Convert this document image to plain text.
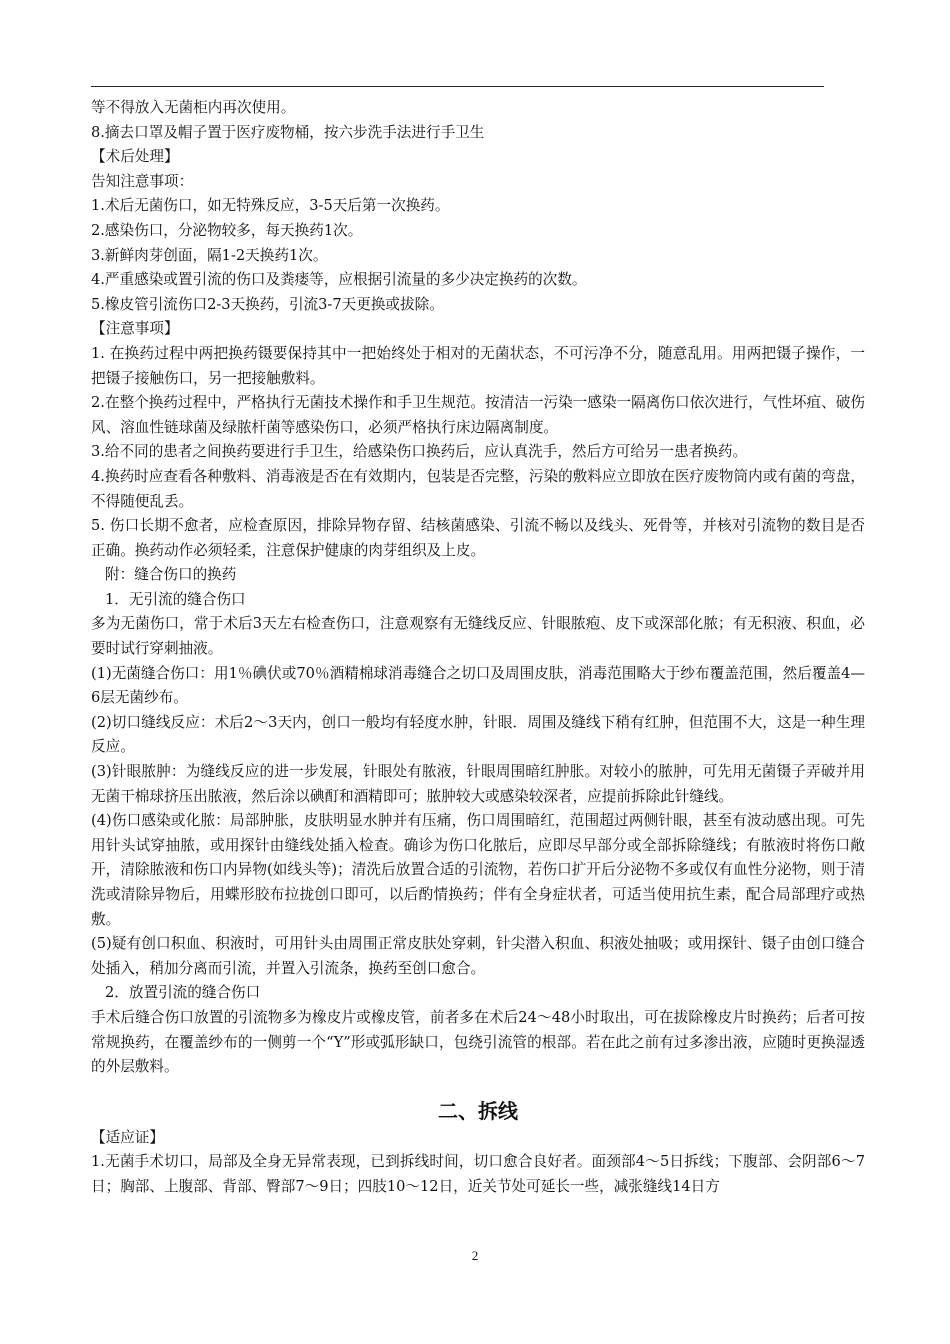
等不得放入无菌柜内再次使用。

8.摘去口罩及帽子置于医疗废物桶，按六步洗手法进行手卫生

【术后处理】

告知注意事项：

1.术后无菌伤口，如无特殊反应，3-5天后第一次换药。

2.感染伤口，分泌物较多，每天换药1次。

3.新鲜肉芽创面，隔1-2天换药1次。

4.严重感染或置引流的伤口及粪瘘等，应根据引流量的多少决定换药的次数。

5.橡皮管引流伤口2-3天换药，引流3-7天更换或拔除。

【注意事项】

1. 在换药过程中两把换药镊要保持其中一把始终处于相对的无菌状态，不可污净不分，随意乱用。用两把镊子操作，一把镊子接触伤口，另一把接触敷料。

2.在整个换药过程中，严格执行无菌技术操作和手卫生规范。按清洁一污染一感染一隔离伤口依次进行，气性坏疽、破伤风、溶血性链球菌及绿脓杆菌等感染伤口，必须严格执行床边隔离制度。

3.给不同的患者之间换药要进行手卫生，给感染伤口换药后，应认真洗手，然后方可给另一患者换药。

4.换药时应查看各种敷料、消毒液是否在有效期内，包装是否完整，污染的敷料应立即放在医疗废物筒内或有菌的弯盘，不得随便乱丢。

5. 伤口长期不愈者，应检查原因，排除异物存留、结核菌感染、引流不畅以及线头、死骨等，并核对引流物的数目是否正确。换药动作必须轻柔，注意保护健康的肉芽组织及上皮。

附：缝合伤口的换药

1．无引流的缝合伤口

多为无菌伤口，常于术后3天左右检查伤口，注意观察有无缝线反应、针眼脓疱、皮下或深部化脓；有无积液、积血，必要时试行穿刺抽液。

(1)无菌缝合伤口：用1％碘伏或70％酒精棉球消毒缝合之切口及周围皮肤，消毒范围略大于纱布覆盖范围，然后覆盖4—6层无菌纱布。

(2)切口缝线反应：术后2～3天内，创口一般均有轻度水肿，针眼．周围及缝线下稍有红肿，但范围不大，这是一种生理反应。

(3)针眼脓肿：为缝线反应的进一步发展，针眼处有脓液，针眼周围暗红肿胀。对较小的脓肿，可先用无菌镊子弄破并用无菌干棉球挤压出脓液，然后涂以碘酊和酒精即可；脓肿较大或感染较深者，应提前拆除此针缝线。

(4)伤口感染或化脓：局部肿胀，皮肤明显水肿并有压痛，伤口周围暗红，范围超过两侧针眼，甚至有波动感出现。可先用针头试穿抽脓，或用探针由缝线处插入检查。确诊为伤口化脓后，应即尽早部分或全部拆除缝线；有脓液时将伤口敞开，清除脓液和伤口内异物(如线头等)；清洗后放置合适的引流物，若伤口扩开后分泌物不多或仅有血性分泌物，则于清洗或清除异物后，用蝶形胶布拉拢创口即可，以后酌情换药；伴有全身症状者，可适当使用抗生素，配合局部理疗或热敷。

(5)疑有创口积血、积液时，可用针头由周围正常皮肤处穿刺，针尖潜入积血、积液处抽吸；或用探针、镊子由创口缝合处插入，稍加分离而引流，并置入引流条，换药至创口愈合。

2．放置引流的缝合伤口

手术后缝合伤口放置的引流物多为橡皮片或橡皮管，前者多在术后24～48小时取出，可在拔除橡皮片时换药；后者可按常规换药，在覆盖纱布的一侧剪一个“Y”形或弧形缺口，包绕引流管的根部。若在此之前有过多渗出液，应随时更换湿透的外层敷料。

二、拆线

【适应证】

1.无菌手术切口，局部及全身无异常表现，已到拆线时间，切口愈合良好者。面颈部4～5日拆线；下腹部、会阴部6～7日；胸部、上腹部、背部、臀部7～9日；四肢10～12日，近关节处可延长一些，减张缝线14日方

2
